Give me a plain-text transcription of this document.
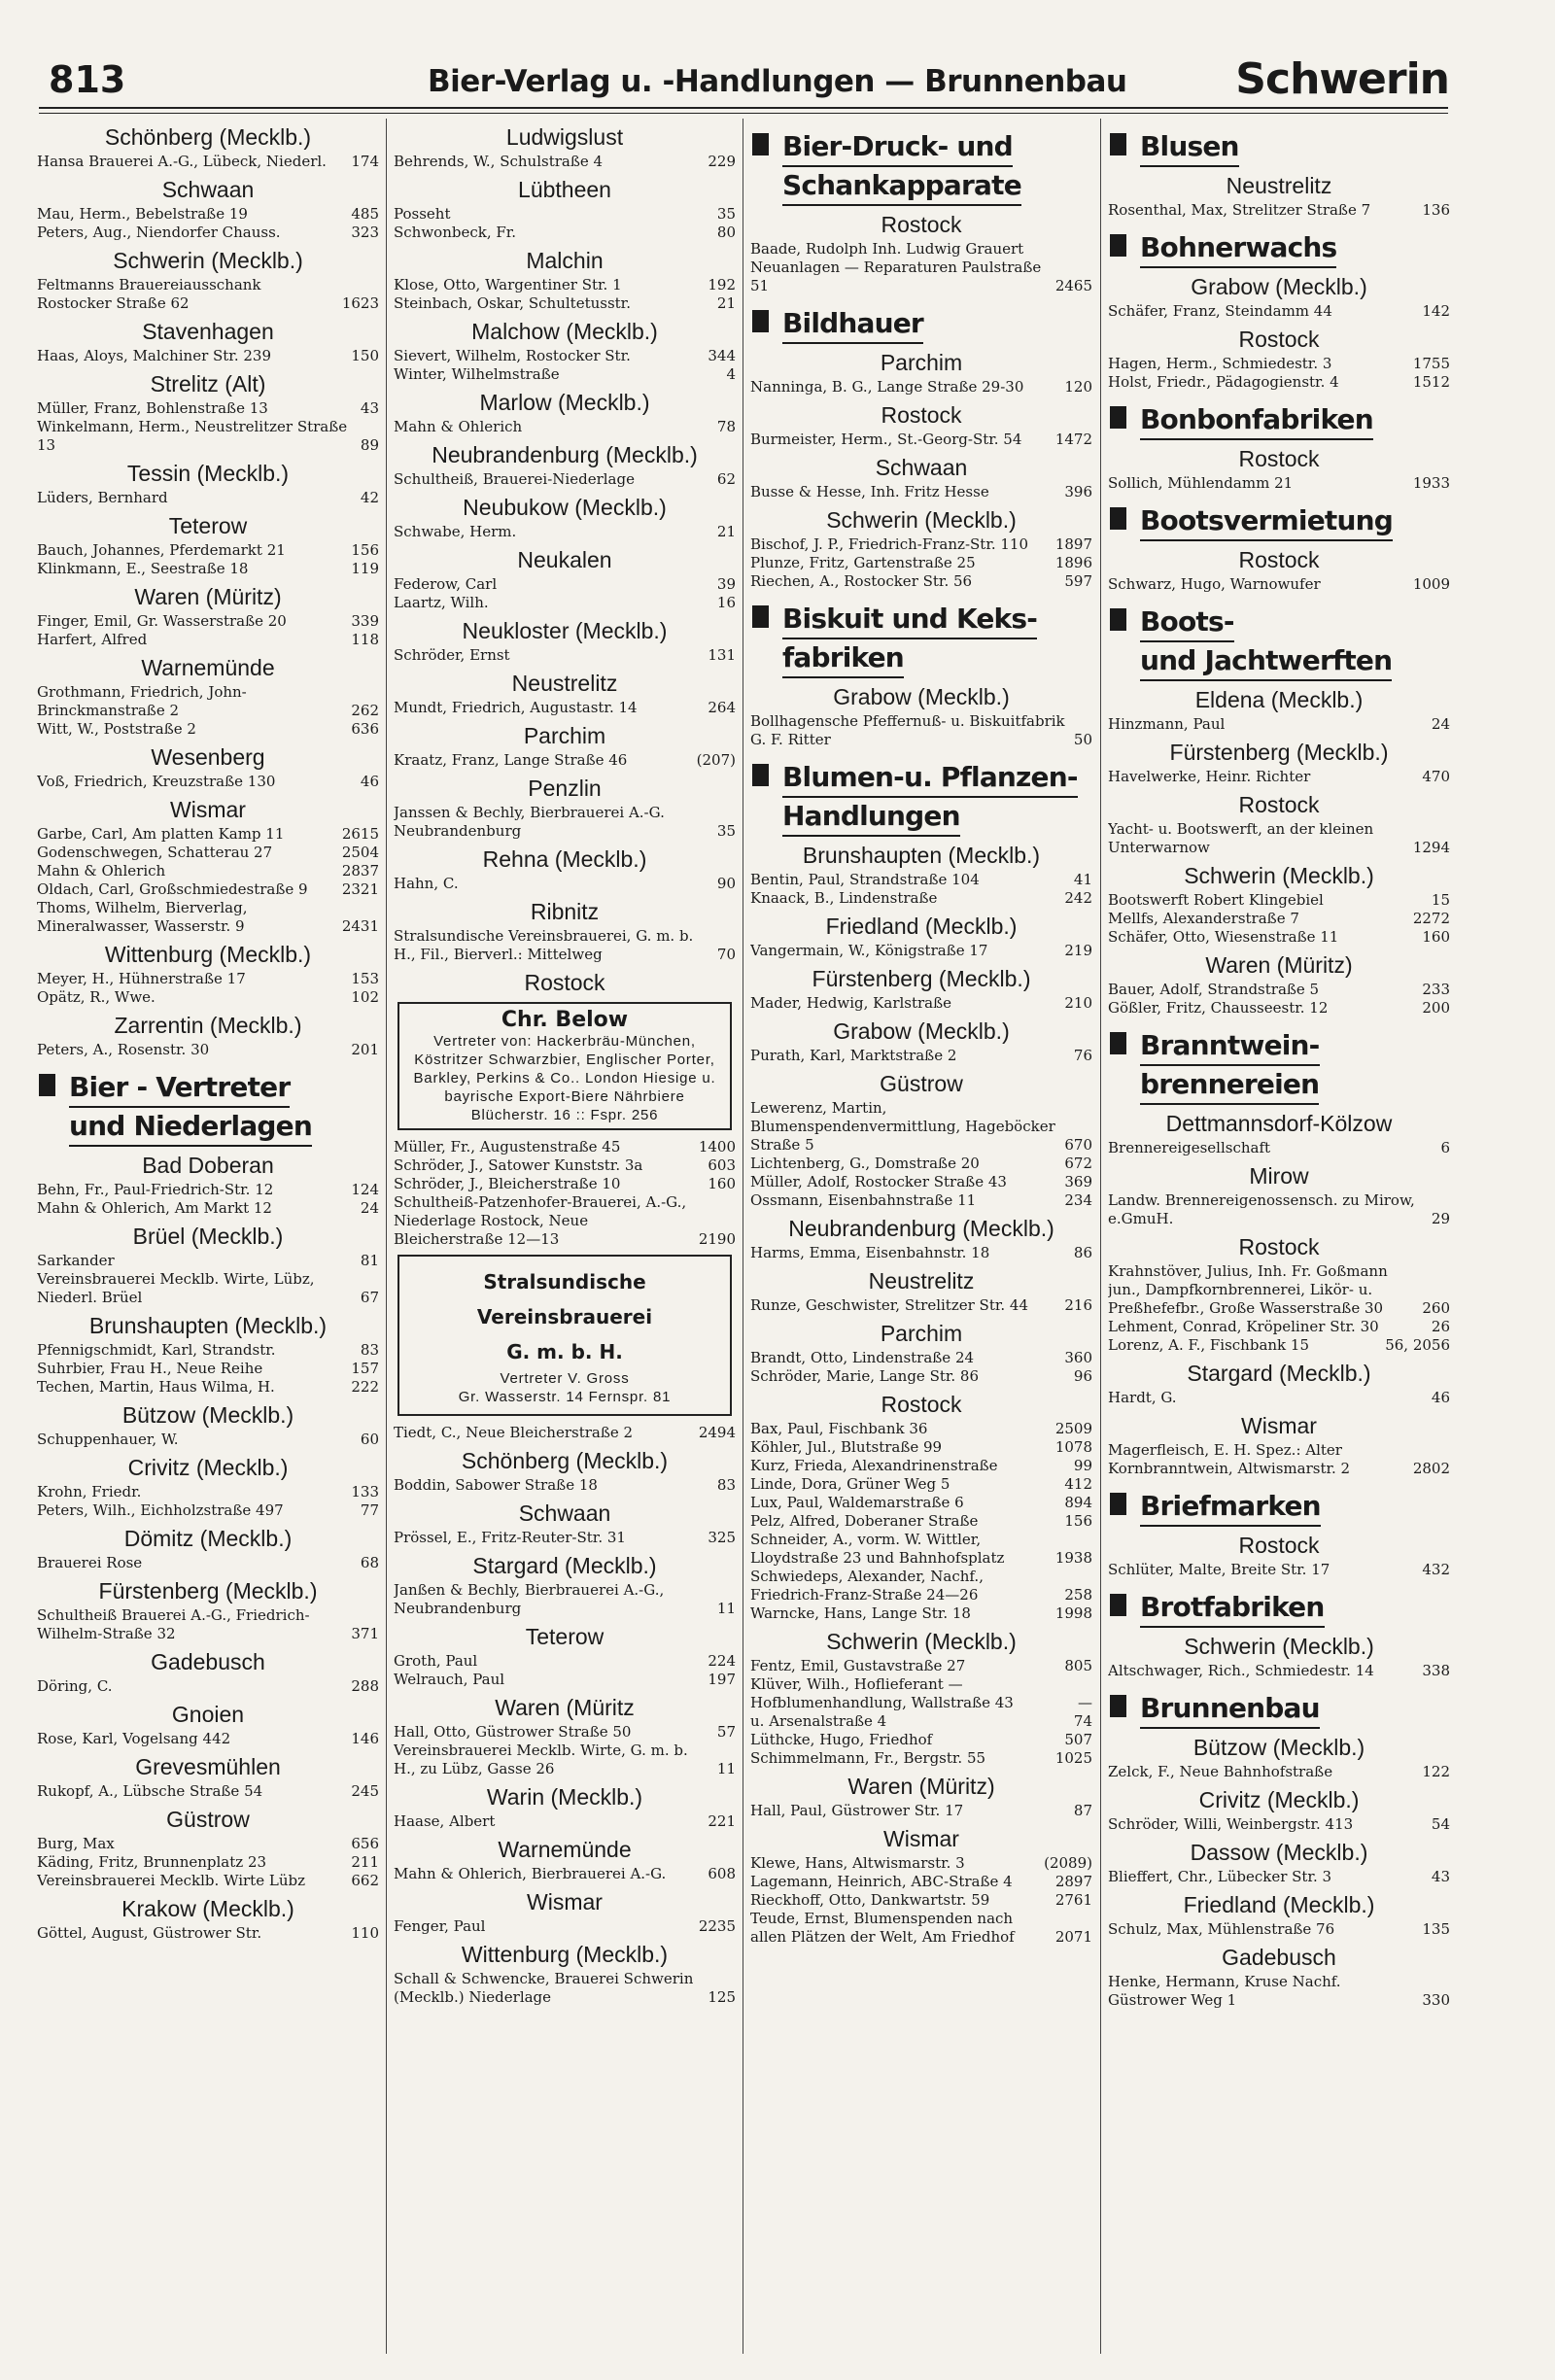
813	Bier-Verlag u. -Handlungen — Brunnenbau	Schwerin
Schönberg (Mecklb.)
Hansa Brauerei A.-G., Lübeck, Niederl.	174
Schwaan
Mau, Herm., Bebelstraße 19	485
Peters, Aug., Niendorfer Chauss.	323
Schwerin (Mecklb.)
Feltmanns Brauereiausschank Rostocker Straße 62	1623
Stavenhagen
Haas, Aloys, Malchiner Str. 239	150
Strelitz (Alt)
Müller, Franz, Bohlenstraße 13	43
Winkelmann, Herm., Neustrelitzer Straße 13	89
Tessin (Mecklb.)
Lüders, Bernhard	42
Teterow
Bauch, Johannes, Pferdemarkt 21	156
Klinkmann, E., Seestraße 18	119
Waren (Müritz)
Finger, Emil, Gr. Wasserstraße 20	339
Harfert, Alfred	118
Warnemünde
Grothmann, Friedrich, John-Brinckmanstraße 2	262
Witt, W., Poststraße 2	636
Wesenberg
Voß, Friedrich, Kreuzstraße 130	46
Wismar
Garbe, Carl, Am platten Kamp 11	2615
Godenschwegen, Schatterau 27	2504
Mahn & Ohlerich	2837
Oldach, Carl, Großschmiedestraße 9	2321
Thoms, Wilhelm, Bierverlag, Mineralwasser, Wasserstr. 9	2431
Wittenburg (Mecklb.)
Meyer, H., Hühnerstraße 17	153
Opätz, R., Wwe.	102
Zarrentin (Mecklb.)
Peters, A., Rosenstr. 30	201
Bier - Vertreter
und Niederlagen
Bad Doberan
Behn, Fr., Paul-Friedrich-Str. 12	124
Mahn & Ohlerich, Am Markt 12	24
Brüel (Mecklb.)
Sarkander	81
Vereinsbrauerei Mecklb. Wirte, Lübz, Niederl. Brüel	67
Brunshaupten (Mecklb.)
Pfennigschmidt, Karl, Strandstr.	83
Suhrbier, Frau H., Neue Reihe	157
Techen, Martin, Haus Wilma, H.	222
Bützow (Mecklb.)
Schuppenhauer, W.	60
Crivitz (Mecklb.)
Krohn, Friedr.	133
Peters, Wilh., Eichholzstraße 497	77
Dömitz (Mecklb.)
Brauerei Rose	68
Fürstenberg (Mecklb.)
Schultheiß Brauerei A.-G., Friedrich-Wilhelm-Straße 32	371
Gadebusch
Döring, C.	288
Gnoien
Rose, Karl, Vogelsang 442	146
Grevesmühlen
Rukopf, A., Lübsche Straße 54	245
Güstrow
Burg, Max	656
Käding, Fritz, Brunnenplatz 23	211
Vereinsbrauerei Mecklb. Wirte Lübz	662
Krakow (Mecklb.)
Göttel, August, Güstrower Str.	110
Ludwigslust
Behrends, W., Schulstraße 4	229
Lübtheen
Posseht	35
Schwonbeck, Fr.	80
Malchin
Klose, Otto, Wargentiner Str. 1	192
Steinbach, Oskar, Schultetusstr.	21
Malchow (Mecklb.)
Sievert, Wilhelm, Rostocker Str.	344
Winter, Wilhelmstraße	4
Marlow (Mecklb.)
Mahn & Ohlerich	78
Neubrandenburg (Mecklb.)
Schultheiß, Brauerei-Niederlage	62
Neubukow (Mecklb.)
Schwabe, Herm.	21
Neukalen
Federow, Carl	39
Laartz, Wilh.	16
Neukloster (Mecklb.)
Schröder, Ernst	131
Neustrelitz
Mundt, Friedrich, Augustastr. 14	264
Parchim
Kraatz, Franz, Lange Straße 46	(207)
Penzlin
Janssen & Bechly, Bierbrauerei A.-G. Neubrandenburg	35
Rehna (Mecklb.)
Hahn, C.	90
Ribnitz
Stralsundische Vereinsbrauerei, G. m. b. H., Fil., Bierverl.: Mittelweg	70
Rostock
Chr. Below
Vertreter von: Hackerbräu-München, Köstritzer Schwarzbier, Englischer Porter, Barkley, Perkins & Co.. London Hiesige u. bayrische Export-Biere Nährbiere
Blücherstr. 16 :: Fspr. 256
Müller, Fr., Augustenstraße 45	1400
Schröder, J., Satower Kunststr. 3a	603
Schröder, J., Bleicherstraße 10	160
Schultheiß-Patzenhofer-Brauerei, A.-G., Niederlage Rostock, Neue Bleicherstraße 12—13	2190
Stralsundische Vereinsbrauerei
G. m. b. H.
Vertreter V. Gross
Gr. Wasserstr. 14 Fernspr. 81
Tiedt, C., Neue Bleicherstraße 2	2494
Schönberg (Mecklb.)
Boddin, Sabower Straße 18	83
Schwaan
Prössel, E., Fritz-Reuter-Str. 31	325
Stargard (Mecklb.)
Janßen & Bechly, Bierbrauerei A.-G., Neubrandenburg	11
Teterow
Groth, Paul	224
Welrauch, Paul	197
Waren (Müritz
Hall, Otto, Güstrower Straße 50	57
Vereinsbrauerei Mecklb. Wirte, G. m. b. H., zu Lübz, Gasse 26	11
Warin (Mecklb.)
Haase, Albert	221
Warnemünde
Mahn & Ohlerich, Bierbrauerei A.-G.	608
Wismar
Fenger, Paul	2235
Wittenburg (Mecklb.)
Schall & Schwencke, Brauerei Schwerin (Mecklb.) Niederlage	125
Bier-Druck- und
Schankapparate
Rostock
Baade, Rudolph Inh. Ludwig Grauert Neuanlagen — Reparaturen Paulstraße 51	2465
Bildhauer
Parchim
Nanninga, B. G., Lange Straße 29-30	120
Rostock
Burmeister, Herm., St.-Georg-Str. 54	1472
Schwaan
Busse & Hesse, Inh. Fritz Hesse	396
Schwerin (Mecklb.)
Bischof, J. P., Friedrich-Franz-Str. 110	1897
Plunze, Fritz, Gartenstraße 25	1896
Riechen, A., Rostocker Str. 56	597
Biskuit und Keks-
fabriken
Grabow (Mecklb.)
Bollhagensche Pfeffernuß- u. Biskuitfabrik G. F. Ritter	50
Blumen-u. Pflanzen-
Handlungen
Brunshaupten (Mecklb.)
Bentin, Paul, Strandstraße 104	41
Knaack, B., Lindenstraße	242
Friedland (Mecklb.)
Vangermain, W., Königstraße 17	219
Fürstenberg (Mecklb.)
Mader, Hedwig, Karlstraße	210
Grabow (Mecklb.)
Purath, Karl, Marktstraße 2	76
Güstrow
Lewerenz, Martin, Blumenspendenvermittlung, Hageböcker Straße 5	670
Lichtenberg, G., Domstraße 20	672
Müller, Adolf, Rostocker Straße 43	369
Ossmann, Eisenbahnstraße 11	234
Neubrandenburg (Mecklb.)
Harms, Emma, Eisenbahnstr. 18	86
Neustrelitz
Runze, Geschwister, Strelitzer Str. 44	216
Parchim
Brandt, Otto, Lindenstraße 24	360
Schröder, Marie, Lange Str. 86	96
Rostock
Bax, Paul, Fischbank 36	2509
Köhler, Jul., Blutstraße 99	1078
Kurz, Frieda, Alexandrinenstraße	99
Linde, Dora, Grüner Weg 5	412
Lux, Paul, Waldemarstraße 6	894
Pelz, Alfred, Doberaner Straße	156
Schneider, A., vorm. W. Wittler, Lloydstraße 23 und Bahnhofsplatz	1938
Schwiedeps, Alexander, Nachf., Friedrich-Franz-Straße 24—26	258
Warncke, Hans, Lange Str. 18	1998
Schwerin (Mecklb.)
Fentz, Emil, Gustavstraße 27	805
Klüver, Wilh., Hoflieferant — Hofblumenhandlung, Wallstraße 43	—
u. Arsenalstraße 4	74
Lüthcke, Hugo, Friedhof	507
Schimmelmann, Fr., Bergstr. 55	1025
Waren (Müritz)
Hall, Paul, Güstrower Str. 17	87
Wismar
Klewe, Hans, Altwismarstr. 3	(2089)
Lagemann, Heinrich, ABC-Straße 4	2897
Rieckhoff, Otto, Dankwartstr. 59	2761
Teude, Ernst, Blumenspenden nach allen Plätzen der Welt, Am Friedhof	2071
Blusen
Neustrelitz
Rosenthal, Max, Strelitzer Straße 7	136
Bohnerwachs
Grabow (Mecklb.)
Schäfer, Franz, Steindamm 44	142
Rostock
Hagen, Herm., Schmiedestr. 3	1755
Holst, Friedr., Pädagogienstr. 4	1512
Bonbonfabriken
Rostock
Sollich, Mühlendamm 21	1933
Bootsvermietung
Rostock
Schwarz, Hugo, Warnowufer	1009
Boots-
und Jachtwerften
Eldena (Mecklb.)
Hinzmann, Paul	24
Fürstenberg (Mecklb.)
Havelwerke, Heinr. Richter	470
Rostock
Yacht- u. Bootswerft, an der kleinen Unterwarnow	1294
Schwerin (Mecklb.)
Bootswerft Robert Klingebiel	15
Mellfs, Alexanderstraße 7	2272
Schäfer, Otto, Wiesenstraße 11	160
Waren (Müritz)
Bauer, Adolf, Strandstraße 5	233
Gößler, Fritz, Chausseestr. 12	200
Branntwein-
brennereien
Dettmannsdorf-Kölzow
Brennereigesellschaft	6
Mirow
Landw. Brennereigenossensch. zu Mirow, e.GmuH.	29
Rostock
Krahnstöver, Julius, Inh. Fr. Goßmann jun., Dampfkornbrennerei, Likör- u. Preßhefefbr., Große Wasserstraße 30	260
Lehment, Conrad, Kröpeliner Str. 30	26
Lorenz, A. F., Fischbank 15	56, 2056
Stargard (Mecklb.)
Hardt, G.	46
Wismar
Magerfleisch, E. H. Spez.: Alter Kornbranntwein, Altwismarstr. 2	2802
Briefmarken
Rostock
Schlüter, Malte, Breite Str. 17	432
Brotfabriken
Schwerin (Mecklb.)
Altschwager, Rich., Schmiedestr. 14	338
Brunnenbau
Bützow (Mecklb.)
Zelck, F., Neue Bahnhofstraße	122
Crivitz (Mecklb.)
Schröder, Willi, Weinbergstr. 413	54
Dassow (Mecklb.)
Blieffert, Chr., Lübecker Str. 3	43
Friedland (Mecklb.)
Schulz, Max, Mühlenstraße 76	135
Gadebusch
Henke, Hermann, Kruse Nachf. Güstrower Weg 1	330
